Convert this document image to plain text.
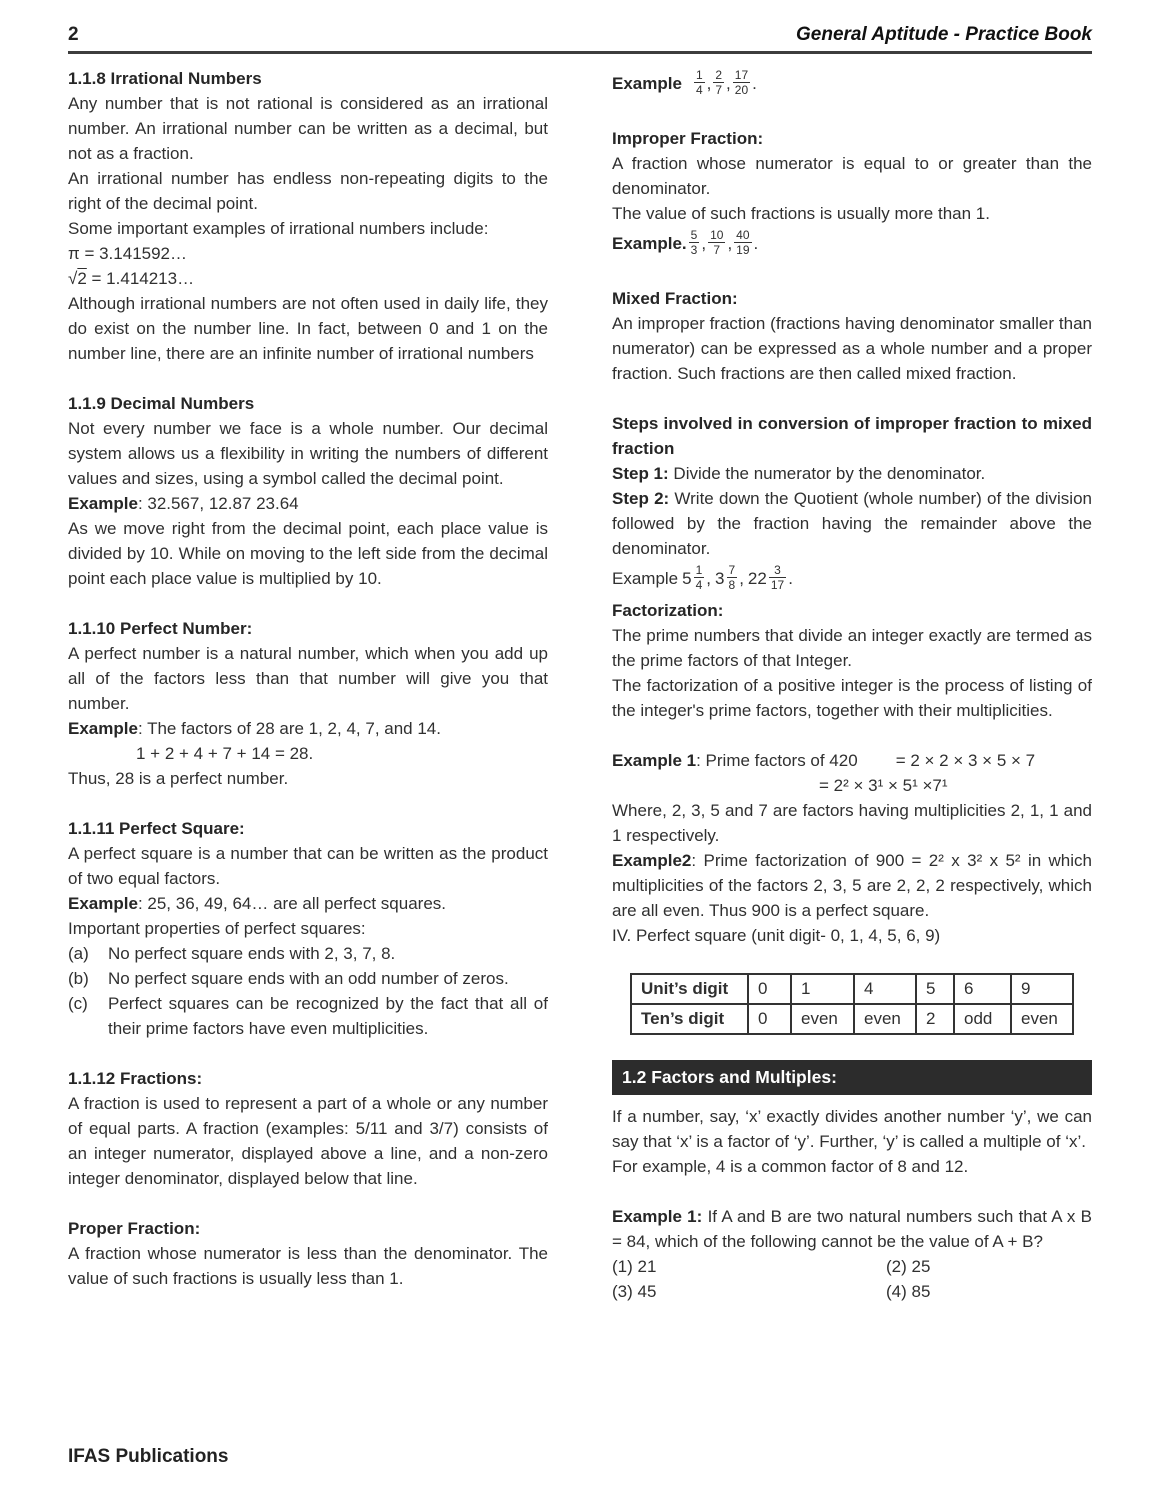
2	General Aptitude - Practice Book
1.1.8 Irrational Numbers

Any number that is not rational is considered as an irrational number. An irrational number can be written as a decimal, but not as a fraction.

An irrational number has endless non-repeating digits to the right of the decimal point.

Some important examples of irrational numbers include:

π = 3.141592…

√2 = 1.414213…

Although irrational numbers are not often used in daily life, they do exist on the number line. In fact, between 0 and 1 on the number line, there are an infinite number of irrational numbers

1.1.9 Decimal Numbers

Not every number we face is a whole number. Our decimal system allows us a flexibility in writing the numbers of different values and sizes, using a symbol called the decimal point.

Example: 32.567, 12.87 23.64

As we move right from the decimal point, each place value is divided by 10. While on moving to the left side from the decimal point each place value is multiplied by 10.

1.1.10 Perfect Number:

A perfect number is a natural number, which when you add up all of the factors less than that number will give you that number.

Example: The factors of 28 are 1, 2, 4, 7, and 14.

1 + 2 + 4 + 7 + 14 = 28.

Thus, 28 is a perfect number.

1.1.11 Perfect Square:

A perfect square is a number that can be written as the product of two equal factors.

Example: 25, 36, 49, 64… are all perfect squares.

Important properties of perfect squares:

(a)	No perfect square ends with 2, 3, 7, 8.
(b)	No perfect square ends with an odd number of zeros.
(c)	Perfect squares can be recognized by the fact that all of their prime factors have even multiplicities.
1.1.12 Fractions:

A fraction is used to represent a part of a whole or any number of equal parts. A fraction (examples: 5/11 and 3/7) consists of an integer numerator, displayed above a line, and a non-zero integer denominator, displayed below that line.

Proper Fraction:

A fraction whose numerator is less than the denominator. The value of such fractions is usually less than 1.

Example $\frac{1}{4}$ , $\frac{2}{7}$ , $\frac{17}{20}$ .
Improper Fraction:

A fraction whose numerator is equal to or greater than the denominator.

The value of such fractions is usually more than 1.

Example. $\frac{5}{3}$ , $\frac{10}{7}$ , $\frac{40}{19}$ .
Mixed Fraction:

An improper fraction (fractions having denominator smaller than numerator) can be expressed as a whole number and a proper fraction. Such fractions are then called mixed fraction.

Steps involved in conversion of improper fraction to mixed fraction

Step 1: Divide the numerator by the denominator.

Step 2: Write down the Quotient (whole number) of the division followed by the fraction having the remainder above the denominator.

Example $5 \frac{1}{4}$ , $3 \frac{7}{8}$ , $22 \frac{3}{17}$ .
Factorization:

The prime numbers that divide an integer exactly are termed as the prime factors of that Integer.

The factorization of a positive integer is the process of listing of the integer's prime factors, together with their multiplicities.

Example 1: Prime factors of 420 = 2 × 2 × 3 × 5 × 7

= 2² × 3¹ × 5¹ ×7¹

Where, 2, 3, 5 and 7 are factors having multiplicities 2, 1, 1 and 1 respectively.

Example2: Prime factorization of 900 = 2² x 3² x 5² in which multiplicities of the factors 2, 3, 5 are 2, 2, 2 respectively, which are all even. Thus 900 is a perfect square.

IV. Perfect square (unit digit- 0, 1, 4, 5, 6, 9)

Unit’s digit	0	1	4	5	6	9
Ten’s digit	0	even	even	2	odd	even
1.2 Factors and Multiples:

If a number, say, ‘x’ exactly divides another number ‘y’, we can say that ‘x’ is a factor of ‘y’. Further, ‘y’ is called a multiple of ‘x’.

For example, 4 is a common factor of 8 and 12.

Example 1: If A and B are two natural numbers such that A x B = 84, which of the following cannot be the value of A + B?

(1) 21	(2) 25
(3) 45	(4) 85
IFAS Publications
